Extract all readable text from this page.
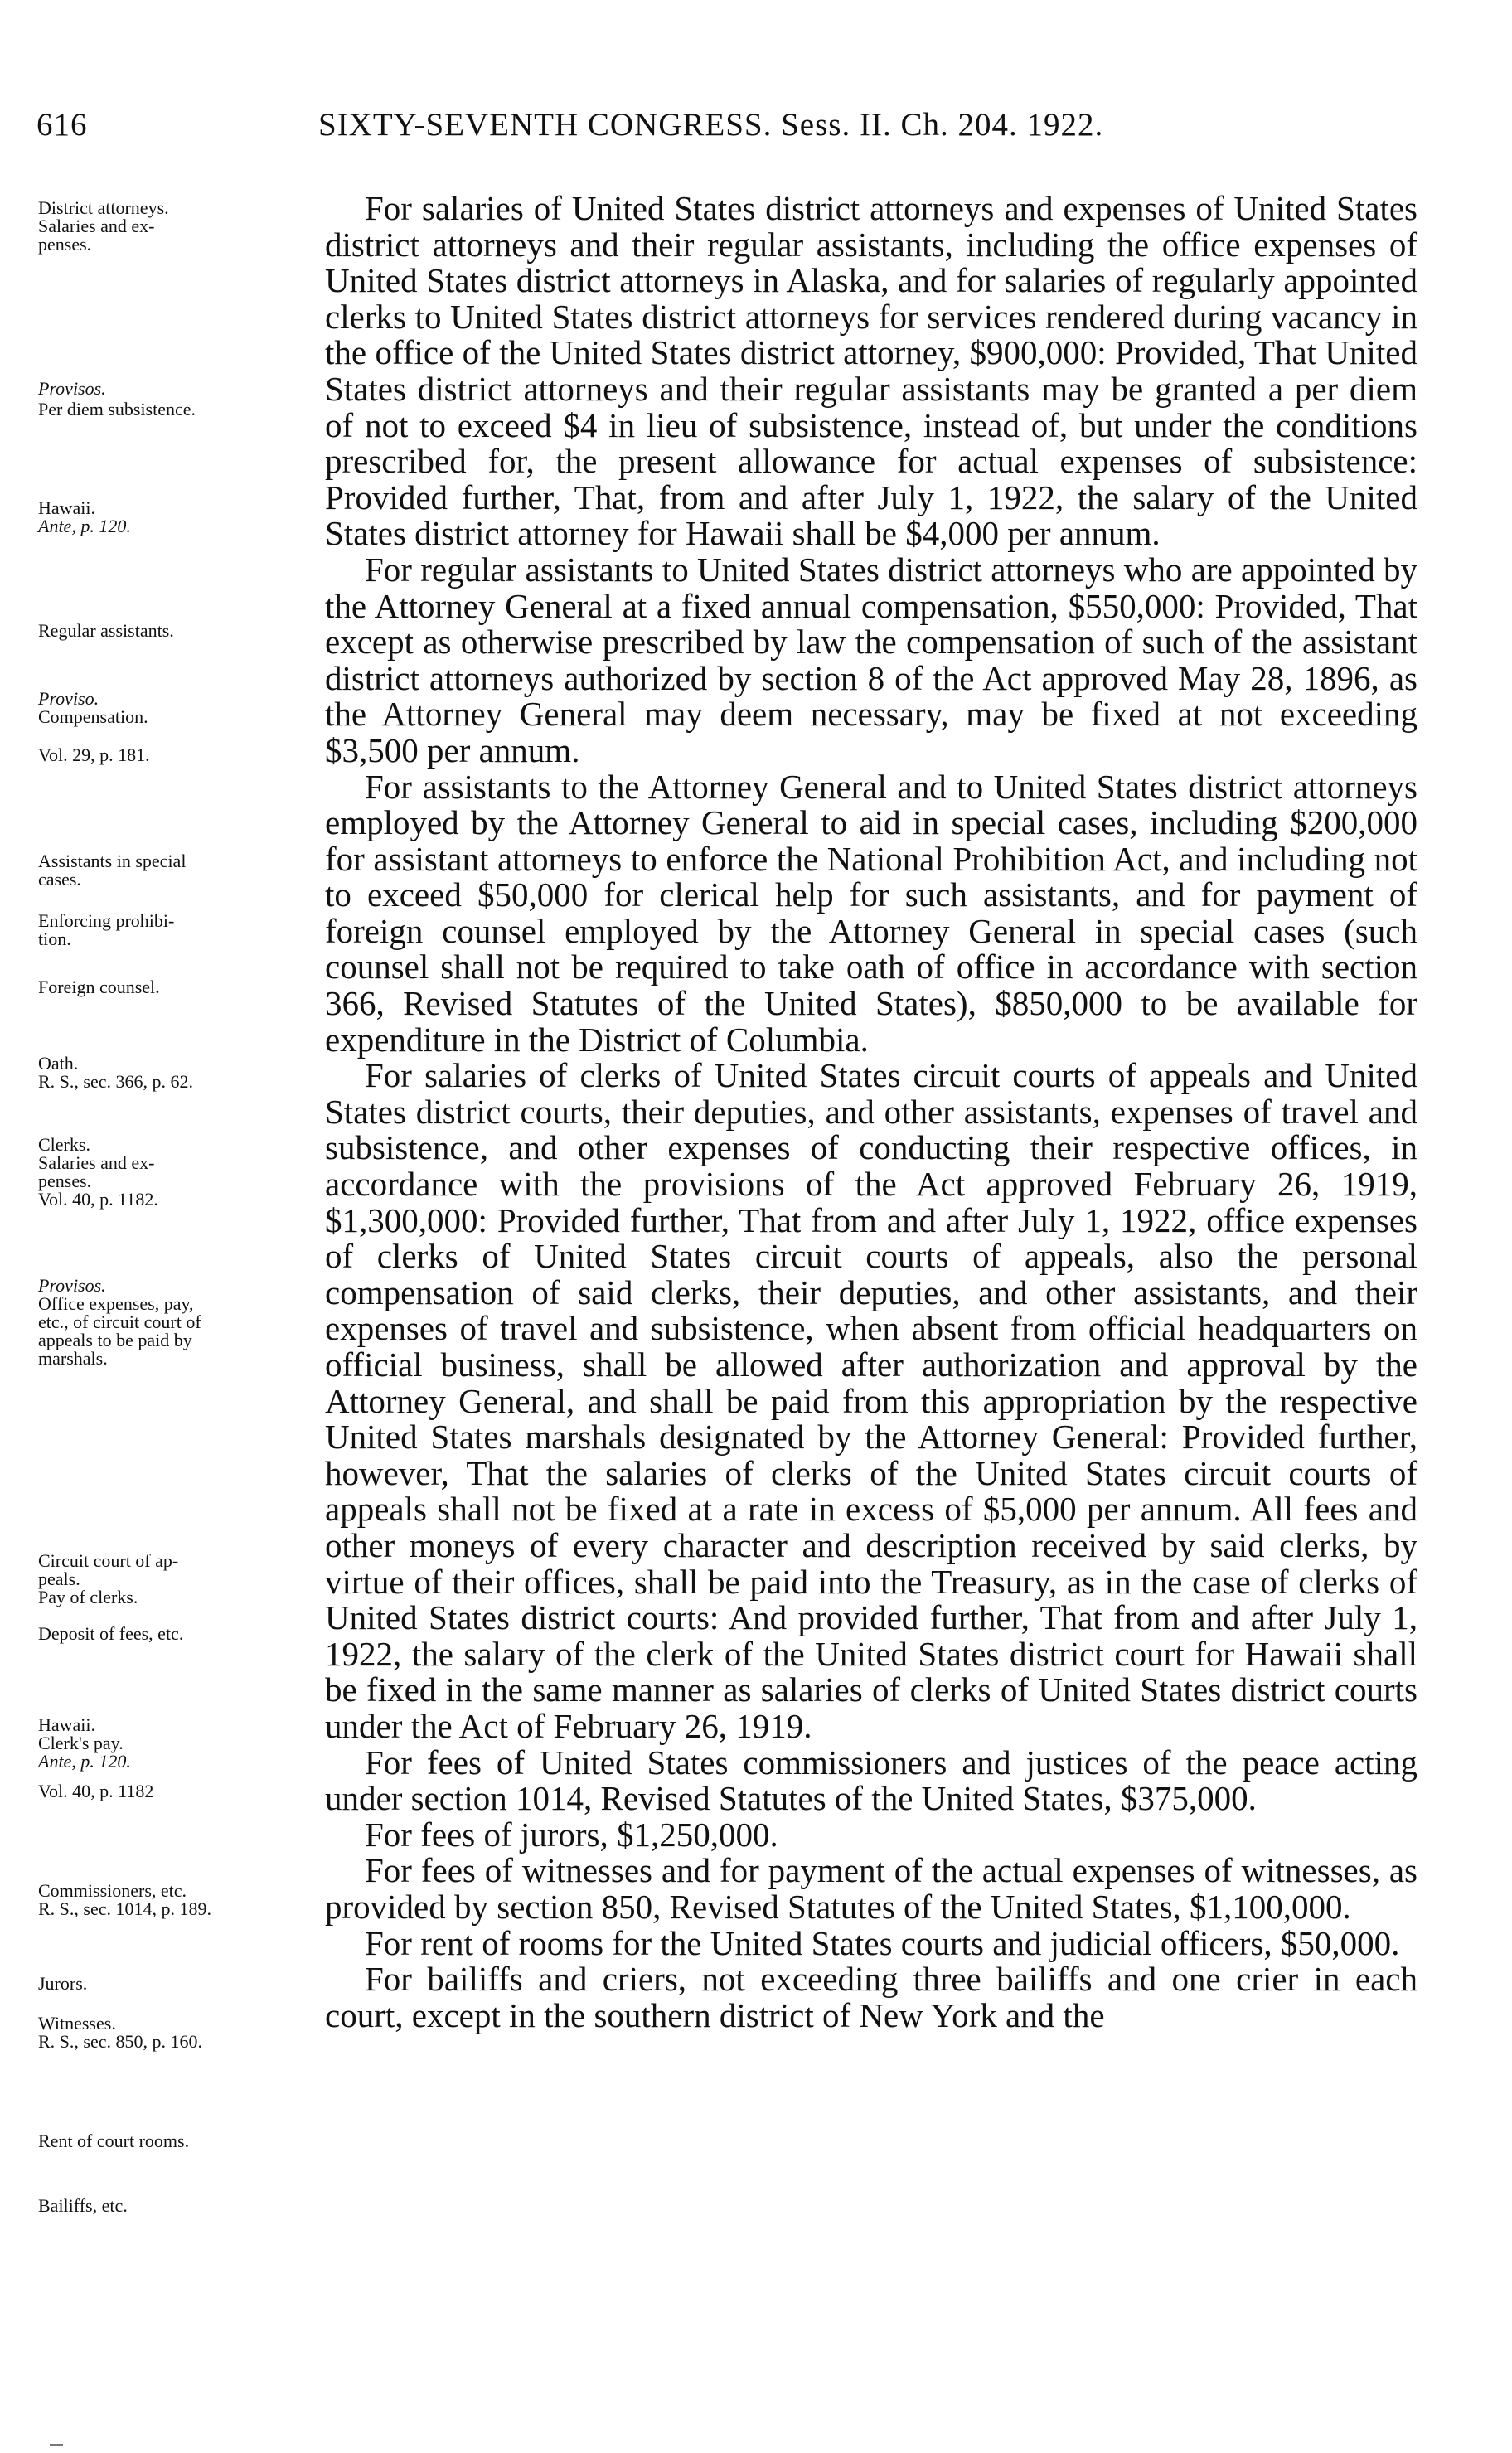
616	SIXTY-SEVENTH CONGRESS. Sess. II. Ch. 204. 1922.
District attorneys.
Salaries and ex-
penses.
Provisos.
Per diem subsistence.
Hawaii.
Ante, p. 120.
Regular assistants.
Proviso.
Compensation.
Vol. 29, p. 181.
Assistants in special
cases.
Enforcing prohibi-
tion.
Foreign counsel.
Oath.
R. S., sec. 366, p. 62.
Clerks.
Salaries and ex-
penses.
Vol. 40, p. 1182.
Provisos.
Office expenses, pay,
etc., of circuit court of
appeals to be paid by
marshals.
Circuit court of ap-
peals.
Pay of clerks.
Deposit of fees, etc.
Hawaii.
Clerk's pay.
Ante, p. 120.
Vol. 40, p. 1182
Commissioners, etc.
R. S., sec. 1014, p. 189.
Jurors.
Witnesses.
R. S., sec. 850, p. 160.
Rent of court rooms.
Bailiffs, etc.

For salaries of United States district attorneys and expenses of United States district attorneys and their regular assistants, including the office expenses of United States district attorneys in Alaska, and for salaries of regularly appointed clerks to United States district attorneys for services rendered during vacancy in the office of the United States district attorney, $900,000: Provided, That United States district attorneys and their regular assistants may be granted a per diem of not to exceed $4 in lieu of subsistence, instead of, but under the conditions prescribed for, the present allowance for actual expenses of subsistence: Provided further, That, from and after July 1, 1922, the salary of the United States district attorney for Hawaii shall be $4,000 per annum.

For regular assistants to United States district attorneys who are appointed by the Attorney General at a fixed annual compensation, $550,000: Provided, That except as otherwise prescribed by law the compensation of such of the assistant district attorneys authorized by section 8 of the Act approved May 28, 1896, as the Attorney General may deem necessary, may be fixed at not exceeding $3,500 per annum.

For assistants to the Attorney General and to United States district attorneys employed by the Attorney General to aid in special cases, including $200,000 for assistant attorneys to enforce the National Prohibition Act, and including not to exceed $50,000 for clerical help for such assistants, and for payment of foreign counsel employed by the Attorney General in special cases (such counsel shall not be required to take oath of office in accordance with section 366, Revised Statutes of the United States), $850,000 to be available for expenditure in the District of Columbia.

For salaries of clerks of United States circuit courts of appeals and United States district courts, their deputies, and other assistants, expenses of travel and subsistence, and other expenses of conducting their respective offices, in accordance with the provisions of the Act approved February 26, 1919, $1,300,000: Provided further, That from and after July 1, 1922, office expenses of clerks of United States circuit courts of appeals, also the personal compensation of said clerks, their deputies, and other assistants, and their expenses of travel and subsistence, when absent from official headquarters on official business, shall be allowed after authorization and approval by the Attorney General, and shall be paid from this appropriation by the respective United States marshals designated by the Attorney General: Provided further, however, That the salaries of clerks of the United States circuit courts of appeals shall not be fixed at a rate in excess of $5,000 per annum. All fees and other moneys of every character and description received by said clerks, by virtue of their offices, shall be paid into the Treasury, as in the case of clerks of United States district courts: And provided further, That from and after July 1, 1922, the salary of the clerk of the United States district court for Hawaii shall be fixed in the same manner as salaries of clerks of United States district courts under the Act of February 26, 1919.

For fees of United States commissioners and justices of the peace acting under section 1014, Revised Statutes of the United States, $375,000.

For fees of jurors, $1,250,000.

For fees of witnesses and for payment of the actual expenses of witnesses, as provided by section 850, Revised Statutes of the United States, $1,100,000.

For rent of rooms for the United States courts and judicial officers, $50,000.

For bailiffs and criers, not exceeding three bailiffs and one crier in each court, except in the southern district of New York and the
